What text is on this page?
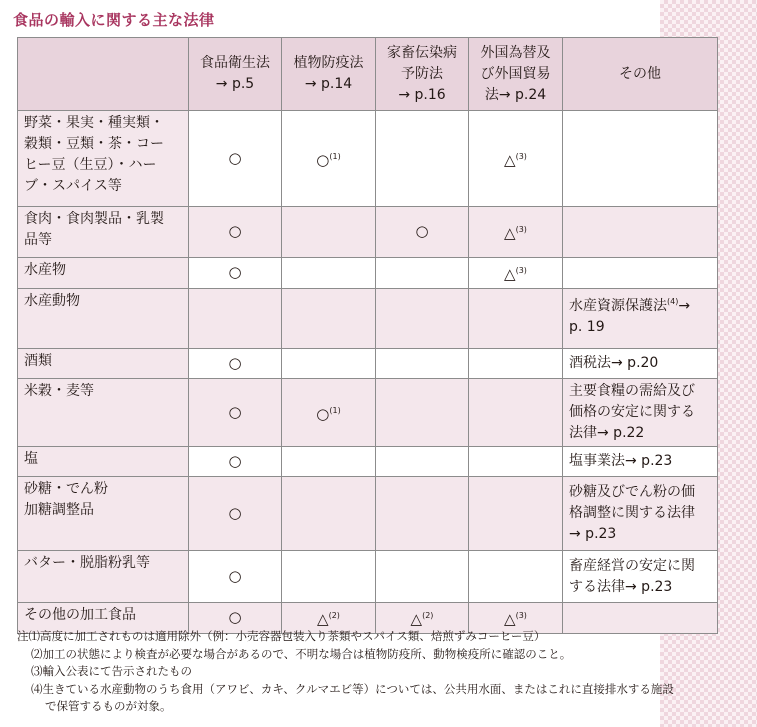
食品の輸入に関する主な法律
	食品衛生法
→ p.5	植物防疫法
→ p.14	家畜伝染病
予防法
→ p.16	外国為替及
び外国貿易
法→ p.24	その他
野菜・果実・種実類・
穀類・豆類・茶・コー
ヒー豆（生豆）・ハー
ブ・スパイス等	○	○$^{(1)}$		△$^{(3)}$	
食肉・食肉製品・乳製
品等	○		○	△$^{(3)}$	
水産物	○			△$^{(3)}$	
水産動物					水産資源保護法$^{(4)}$→
p. 19
酒類	○				酒税法→ p.20
米穀・麦等	○	○$^{(1)}$			主要食糧の需給及び
価格の安定に関する
法律→ p.22
塩	○				塩事業法→ p.23
砂糖・でん粉
加糖調整品	○				砂糖及びでん粉の価
格調整に関する法律
→ p.23
バター・脱脂粉乳等	○				畜産経営の安定に関
する法律→ p.23
その他の加工食品	○	△$^{(2)}$	△$^{(2)}$	△$^{(3)}$	
注⑴高度に加工されものは適用除外（例：小売容器包装入り茶類やスパイス類、焙煎ずみコーヒー豆）
⑵加工の状態により検査が必要な場合があるので、不明な場合は植物防疫所、動物検疫所に確認のこと。
⑶輸入公表にて告示されたもの
⑷生きている水産動物のうち食用（アワビ、カキ、クルマエビ等）については、公共用水面、またはこれに直接排水する施設
で保管するものが対象。
